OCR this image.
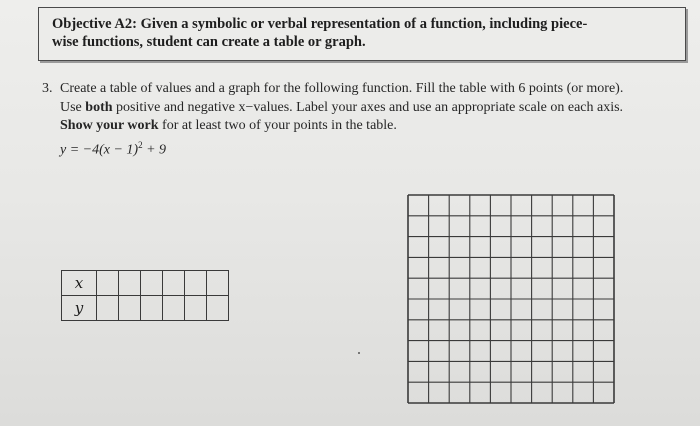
Objective A2: Given a symbolic or verbal representation of a function, including piece-
wise functions, student can create a table or graph.
3. Create a table of values and a graph for the following function. Fill the table with 6 points (or more).
Use both positive and negative x−values. Label your axes and use an appropriate scale on each axis.
Show your work for at least two of your points in the table.
$y = -4(x - 1)^2 + 9$
x						
y						
